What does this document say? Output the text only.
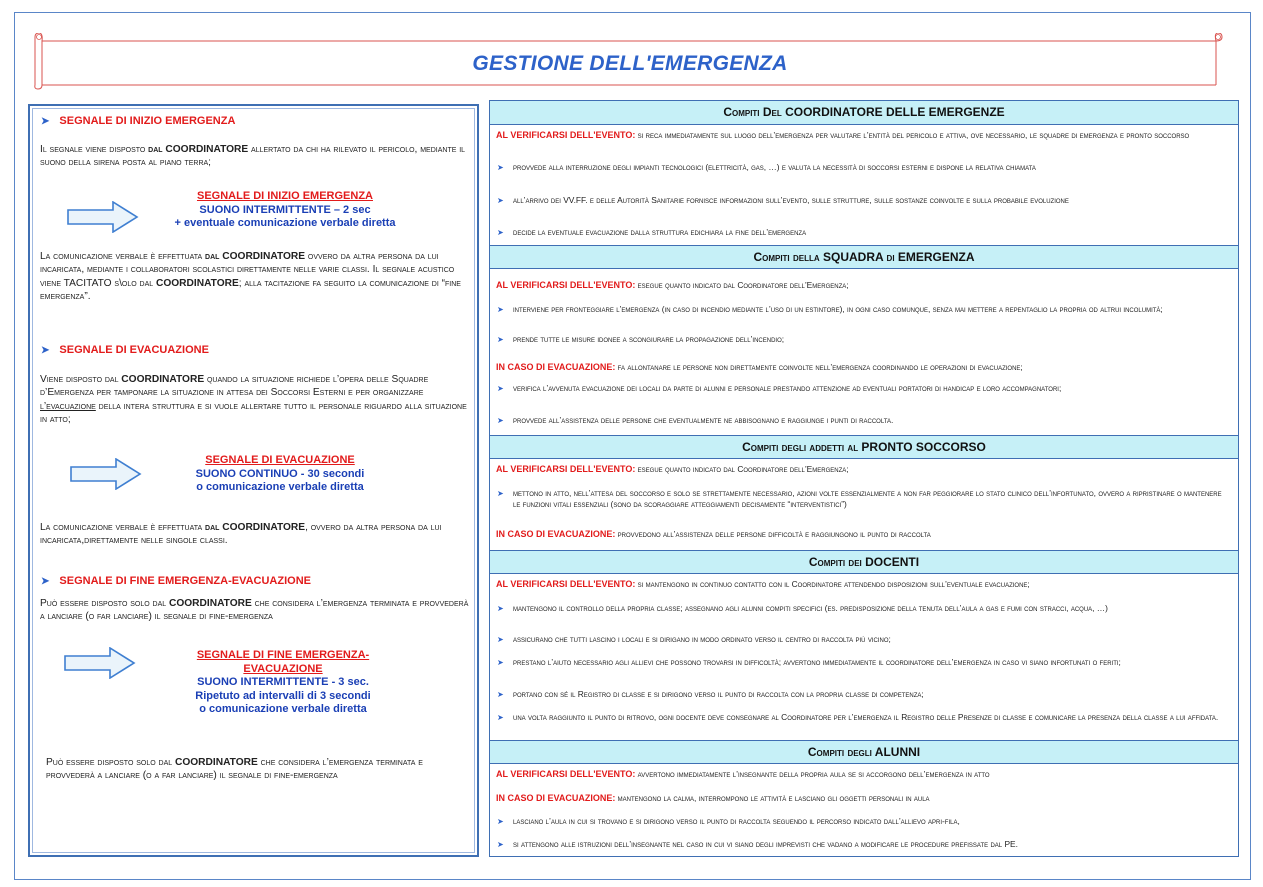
GESTIONE DELL'EMERGENZA
➤ SEGNALE DI INIZIO EMERGENZA
Il segnale viene disposto dal COORDINATORE allertato da chi ha rilevato il pericolo, mediante il suono della sirena posta al piano terra;
SEGNALE DI INIZIO EMERGENZA
SUONO INTERMITTENTE – 2 sec
+ eventuale comunicazione verbale diretta
La comunicazione verbale è effettuata dal COORDINATORE ovvero da altra persona da lui incaricata, mediante i collaboratori scolastici direttamente nelle varie classi. Il segnale acustico viene TACITATO s\olo dal COORDINATORE; alla tacitazione fa seguito la comunicazione di “fine emergenza”.
➤ SEGNALE DI EVACUAZIONE
Viene disposto dal COORDINATORE quando la situazione richiede l’opera delle Squadre d’Emergenza per tamponare la situazione in attesa dei Soccorsi Esterni e per organizzare l’evacuazione della intera struttura e si vuole allertare tutto il personale riguardo alla situazione in atto;
SEGNALE DI EVACUAZIONE
SUONO CONTINUO - 30 secondi
o comunicazione verbale diretta
La comunicazione verbale è effettuata dal COORDINATORE, ovvero da altra persona da lui incaricata,direttamente nelle singole classi.
➤ SEGNALE DI FINE EMERGENZA-EVACUAZIONE
Può essere disposto solo dal COORDINATORE che considera l’emergenza terminata e provvederà a lanciare (o far lanciare) il segnale di fine-emergenza
SEGNALE DI FINE EMERGENZA-
EVACUAZIONE
SUONO INTERMITTENTE - 3 sec.
Ripetuto ad intervalli di 3 secondi
o comunicazione verbale diretta
Può essere disposto solo dal COORDINATORE che considera l’emergenza terminata e provvederà a lanciare (o a far lanciare) il segnale di fine-emergenza
Compiti Del COORDINATORE DELLE EMERGENZE
AL VERIFICARSI DELL'EVENTO: si reca immediatamente sul luogo dell’emergenza per valutare l’entità del pericolo e attiva, ove necessario, le squadre di emergenza e pronto soccorso
➤ provvede alla interruzione degli impianti tecnologici (elettricità, gas, …) e valuta la necessità di soccorsi esterni e dispone la relativa chiamata
➤ all’arrivo dei VV.FF. e delle Autorità Sanitarie fornisce informazioni sull’evento, sulle strutture, sulle sostanze coinvolte e sulla probabile evoluzione
➤ decide la eventuale evacuazione dalla struttura edichiara la fine dell’emergenza
Compiti della SQUADRA di EMERGENZA
AL VERIFICARSI DELL'EVENTO: esegue quanto indicato dal Coordinatore dell’Emergenza;
➤ interviene per fronteggiare l’emergenza (in caso di incendio mediante l’uso di un estintore), in ogni caso comunque, senza mai mettere a repentaglio la propria od altrui incolumità;
➤ prende tutte le misure idonee a scongiurare la propagazione dell’incendio;
IN CASO DI EVACUAZIONE: fa allontanare le persone non direttamente coinvolte nell’emergenza coordinando le operazioni di evacuazione;
➤ verifica l’avvenuta evacuazione dei locali da parte di alunni e personale prestando attenzione ad eventuali portatori di handicap e loro accompagnatori;
➤ provvede all’assistenza delle persone che eventualmente ne abbisognano e raggiunge i punti di raccolta.
Compiti degli addetti al PRONTO SOCCORSO
AL VERIFICARSI DELL'EVENTO: esegue quanto indicato dal Coordinatore dell’Emergenza;
➤ mettono in atto, nell’attesa del soccorso e solo se strettamente necessario, azioni volte essenzialmente a non far peggiorare lo stato clinico dell’infortunato, ovvero a ripristinare o mantenere le funzioni vitali essenziali (sono da scoraggiare atteggiamenti decisamente “interventistici”)
IN CASO DI EVACUAZIONE: provvedono all’assistenza delle persone difficoltà e raggiungono il punto di raccolta
Compiti dei DOCENTI
AL VERIFICARSI DELL'EVENTO: si mantengono in continuo contatto con il Coordinatore attendendo disposizioni sull’eventuale evacuazione;
➤ mantengono il controllo della propria classe; assegnano agli alunni compiti specifici (es. predisposizione della tenuta dell’aula a gas e fumi con stracci, acqua, …)
➤ assicurano che tutti lascino i locali e si dirigano in modo ordinato verso il centro di raccolta più vicino;
➤ prestano l’aiuto necessario agli allievi che possono trovarsi in difficoltà; avvertono immediatamente il coordinatore dell’emergenza in caso vi siano infortunati o feriti;
➤ portano con sé il Registro di classe e si dirigono verso il punto di raccolta con la propria classe di competenza;
➤ una volta raggiunto il punto di ritrovo, ogni docente deve consegnare al Coordinatore per l’emergenza il Registro delle Presenze di classe e comunicare la presenza della classe a lui affidata.
Compiti degli ALUNNI
AL VERIFICARSI DELL'EVENTO: avvertono immediatamente l’insegnante della propria aula se si accorgono dell’emergenza in atto
IN CASO DI EVACUAZIONE: mantengono la calma, interrompono le attività e lasciano gli oggetti personali in aula
➤ lasciano l’aula in cui si trovano e si dirigono verso il punto di raccolta seguendo il percorso indicato dall’allievo apri-fila,
➤ si attengono alle istruzioni dell’insegnante nel caso in cui vi siano degli imprevisti che vadano a modificare le procedure prefissate dal PE.
